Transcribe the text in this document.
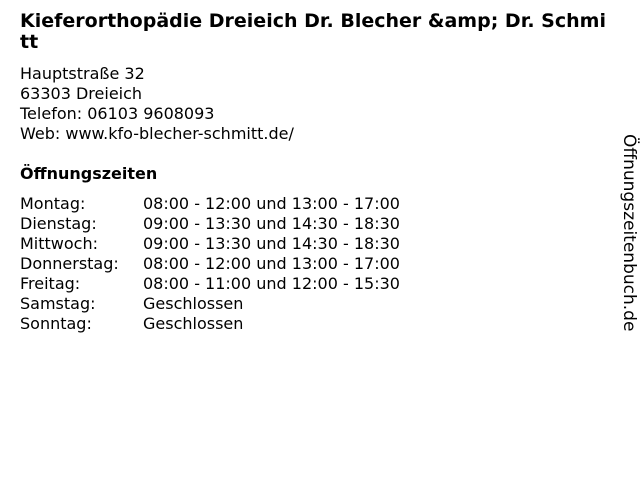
Kieferorthopädie Dreieich Dr. Blecher &amp; Dr. Schmitt
Hauptstraße 32
63303 Dreieich
Telefon: 06103 9608093
Web: www.kfo-blecher-schmitt.de/
Öffnungszeiten
Montag:	08:00 - 12:00 und 13:00 - 17:00
Dienstag:	09:00 - 13:30 und 14:30 - 18:30
Mittwoch:	09:00 - 13:30 und 14:30 - 18:30
Donnerstag:	08:00 - 12:00 und 13:00 - 17:00
Freitag:	08:00 - 11:00 und 12:00 - 15:30
Samstag:	Geschlossen
Sonntag:	Geschlossen	Öffnungszeitenbuch.de
